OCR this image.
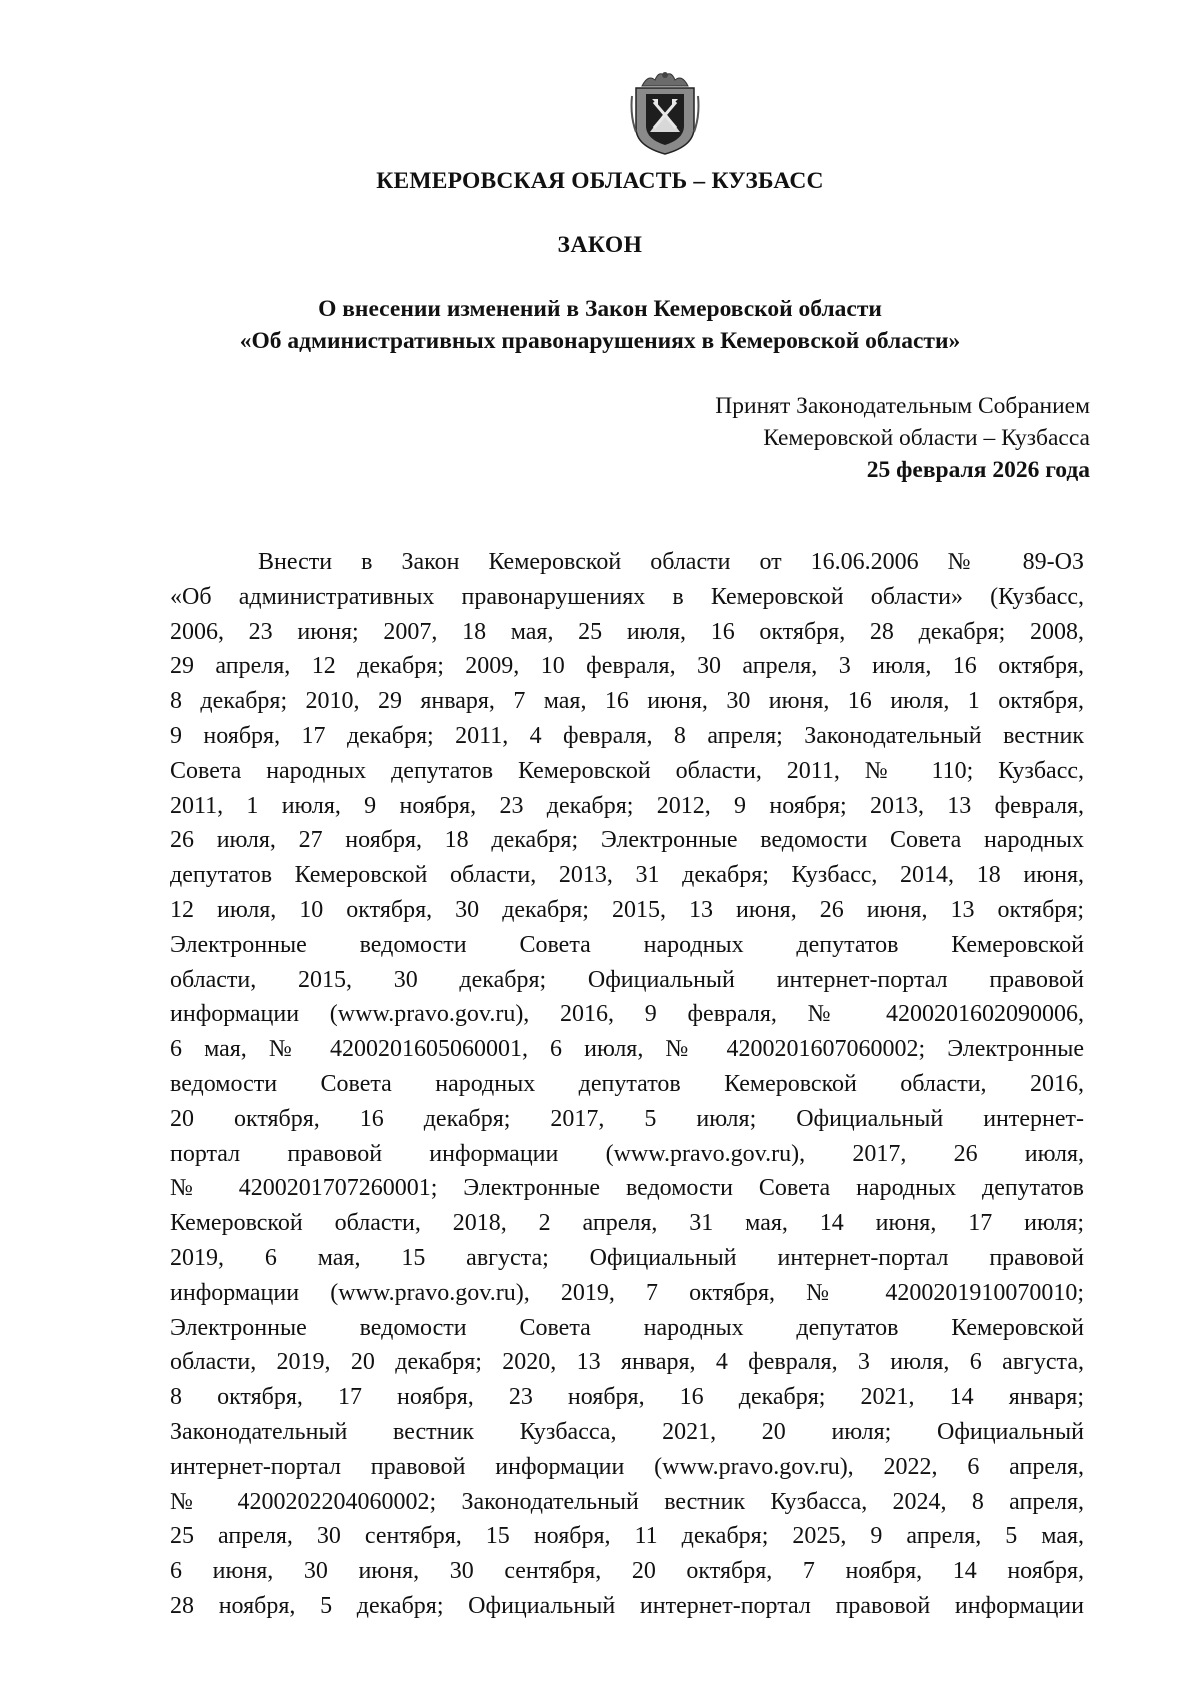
КЕМЕРОВСКАЯ ОБЛАСТЬ – КУЗБАСС
ЗАКОН
О внесении изменений в Закон Кемеровской области
«Об административных правонарушениях в Кемеровской области»
Принят Законодательным Собранием
Кемеровской области – Кузбасса
25 февраля 2026 года
Внести в Закон Кемеровской области от 16.06.2006 № 89-ОЗ
«Об административных правонарушениях в Кемеровской области» (Кузбасс,
2006, 23 июня; 2007, 18 мая, 25 июля, 16 октября, 28 декабря; 2008,
29 апреля, 12 декабря; 2009, 10 февраля, 30 апреля, 3 июля, 16 октября,
8 декабря; 2010, 29 января, 7 мая, 16 июня, 30 июня, 16 июля, 1 октября,
9 ноября, 17 декабря; 2011, 4 февраля, 8 апреля; Законодательный вестник
Совета народных депутатов Кемеровской области, 2011, № 110; Кузбасс,
2011, 1 июля, 9 ноября, 23 декабря; 2012, 9 ноября; 2013, 13 февраля,
26 июля, 27 ноября, 18 декабря; Электронные ведомости Совета народных
депутатов Кемеровской области, 2013, 31 декабря; Кузбасс, 2014, 18 июня,
12 июля, 10 октября, 30 декабря; 2015, 13 июня, 26 июня, 13 октября;
Электронные ведомости Совета народных депутатов Кемеровской
области, 2015, 30 декабря; Официальный интернет-портал правовой
информации (www.pravo.gov.ru), 2016, 9 февраля, № 4200201602090006,
6 мая, № 4200201605060001, 6 июля, № 4200201607060002; Электронные
ведомости Совета народных депутатов Кемеровской области, 2016,
20 октября, 16 декабря; 2017, 5 июля; Официальный интернет-
портал правовой информации (www.pravo.gov.ru), 2017, 26 июля,
№ 4200201707260001; Электронные ведомости Совета народных депутатов
Кемеровской области, 2018, 2 апреля, 31 мая, 14 июня, 17 июля;
2019, 6 мая, 15 августа; Официальный интернет-портал правовой
информации (www.pravo.gov.ru), 2019, 7 октября, № 4200201910070010;
Электронные ведомости Совета народных депутатов Кемеровской
области, 2019, 20 декабря; 2020, 13 января, 4 февраля, 3 июля, 6 августа,
8 октября, 17 ноября, 23 ноября, 16 декабря; 2021, 14 января;
Законодательный вестник Кузбасса, 2021, 20 июля; Официальный
интернет-портал правовой информации (www.pravo.gov.ru), 2022, 6 апреля,
№ 4200202204060002; Законодательный вестник Кузбасса, 2024, 8 апреля,
25 апреля, 30 сентября, 15 ноября, 11 декабря; 2025, 9 апреля, 5 мая,
6 июня, 30 июня, 30 сентября, 20 октября, 7 ноября, 14 ноября,
28 ноября, 5 декабря; Официальный интернет-портал правовой информации
